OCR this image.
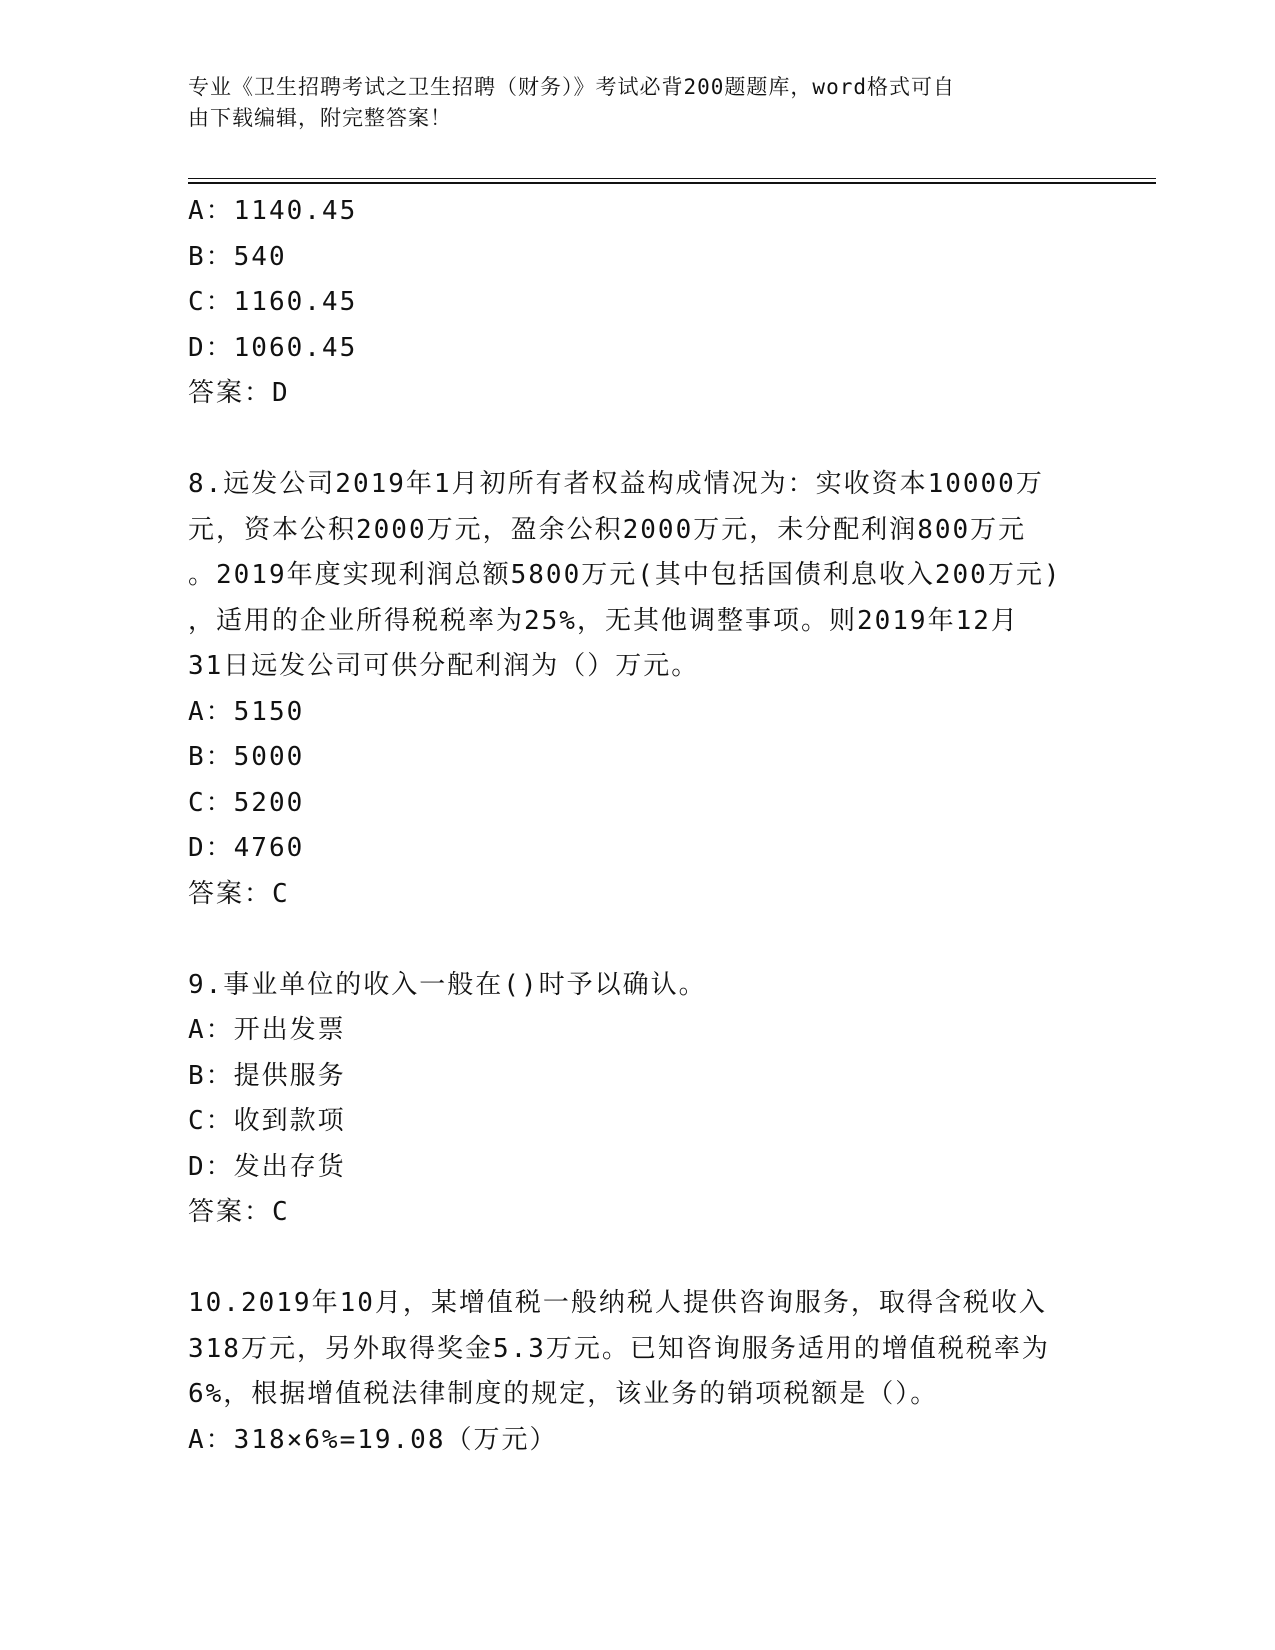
专业《卫生招聘考试之卫生招聘（财务）》考试必背200题题库，word格式可自
由下载编辑，附完整答案！
A：1140.45
B：540
C：1160.45
D：1060.45
答案：D
8.远发公司2019年1月初所有者权益构成情况为：实收资本10000万
元，资本公积2000万元，盈余公积2000万元，未分配利润800万元
。2019年度实现利润总额5800万元(其中包括国债利息收入200万元)
，适用的企业所得税税率为25%，无其他调整事项。则2019年12月
31日远发公司可供分配利润为（）万元。
A：5150
B：5000
C：5200
D：4760
答案：C
9.事业单位的收入一般在()时予以确认。
A：开出发票
B：提供服务
C：收到款项
D：发出存货
答案：C
10.2019年10月，某增值税一般纳税人提供咨询服务，取得含税收入
318万元，另外取得奖金5.3万元。已知咨询服务适用的增值税税率为
6%，根据增值税法律制度的规定，该业务的销项税额是（）。
A：318×6%=19.08（万元）
